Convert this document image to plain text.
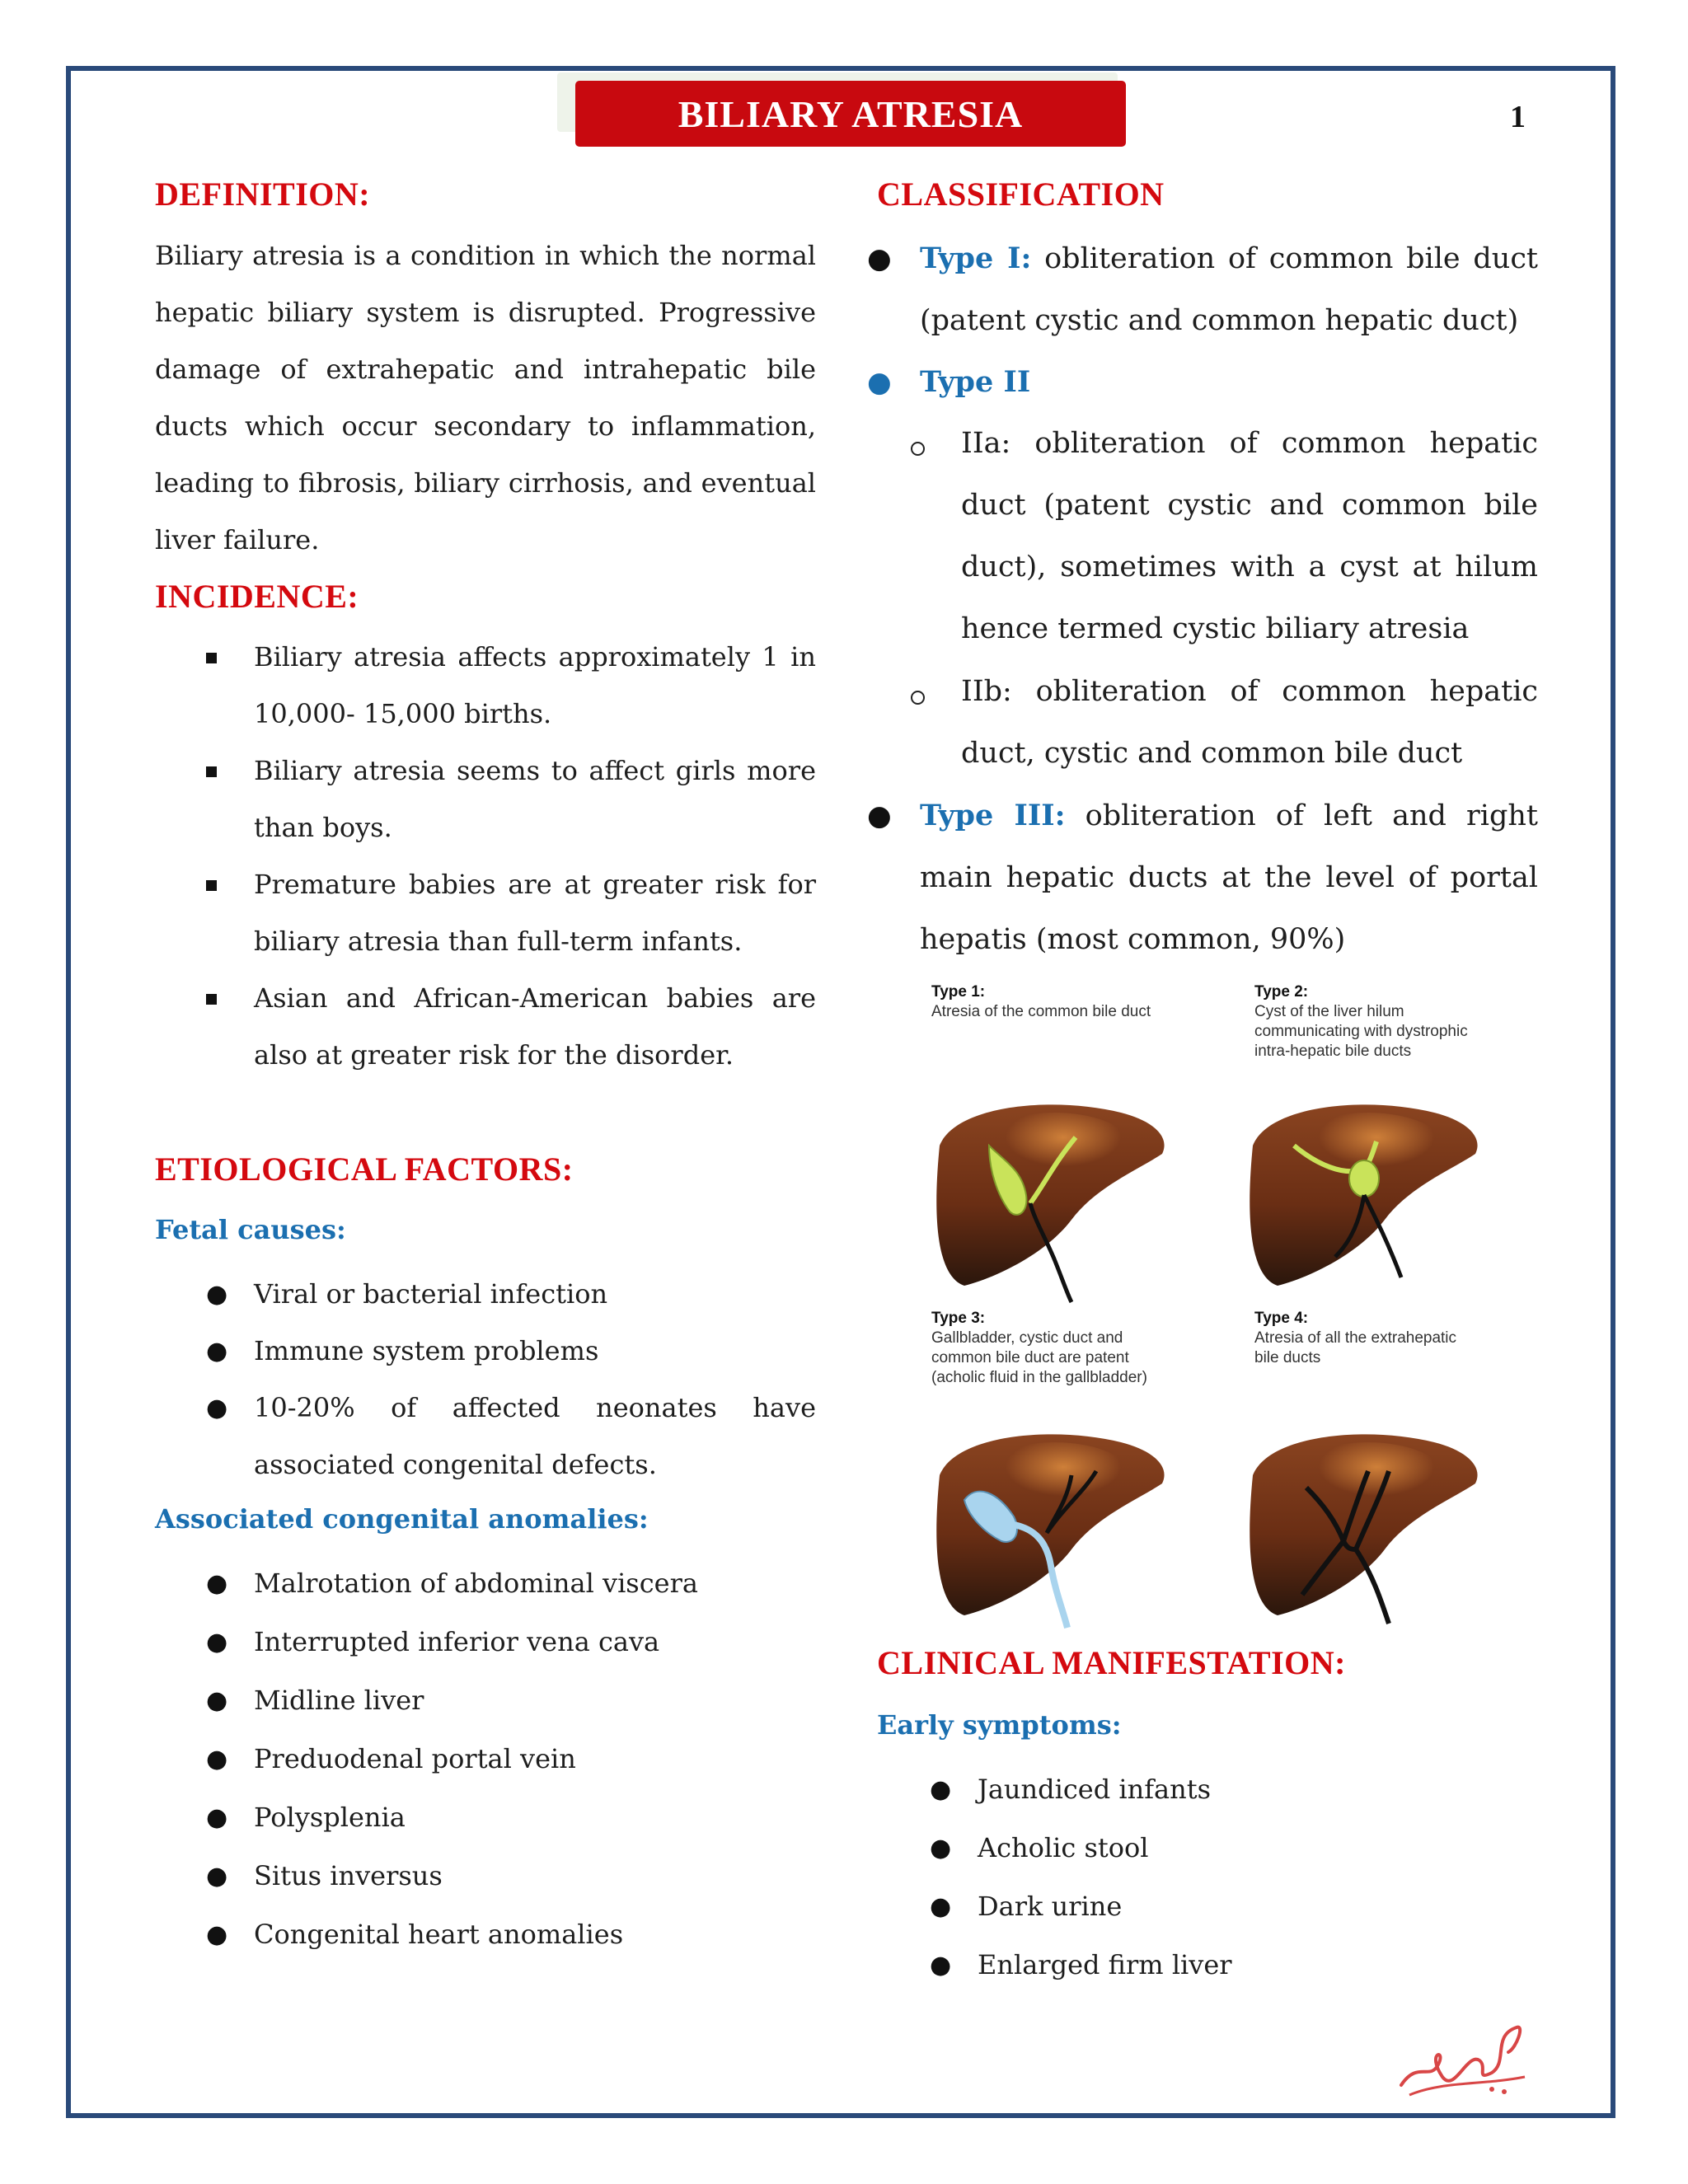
BILIARY ATRESIA	1
DEFINITION:
Biliary atresia is a condition in which the normal hepatic biliary system is disrupted. Progressive damage of extrahepatic and intrahepatic bile ducts which occur secondary to inflammation, leading to fibrosis, biliary cirrhosis, and eventual liver failure.
INCIDENCE:
Biliary atresia affects approximately 1 in 10,000- 15,000 births.
Biliary atresia seems to affect girls more than boys.
Premature babies are at greater risk for biliary atresia than full-term infants.
Asian and African-American babies are also at greater risk for the disorder.
ETIOLOGICAL FACTORS:
Fetal causes:
● Viral or bacterial infection
● Immune system problems
● 10-20% of affected neonates have associated congenital defects.
Associated congenital anomalies:
● Malrotation of abdominal viscera
● Interrupted inferior vena cava
● Midline liver
● Preduodenal portal vein
● Polysplenia
● Situs inversus
● Congenital heart anomalies
CLASSIFICATION
● Type I: obliteration of common bile duct (patent cystic and common hepatic duct)
● Type II
IIa: obliteration of common hepatic duct (patent cystic and common bile duct), sometimes with a cyst at hilum hence termed cystic biliary atresia
IIb: obliteration of common hepatic duct, cystic and common bile duct
● Type III: obliteration of left and right main hepatic ducts at the level of portal hepatis (most common, 90%)
Type 1:
Atresia of the common bile duct
Type 2:
Cyst of the liver hilum
communicating with dystrophic
intra-hepatic bile ducts
Type 3:
Gallbladder, cystic duct and
common bile duct are patent
(acholic fluid in the gallbladder)
Type 4:
Atresia of all the extrahepatic
bile ducts
CLINICAL MANIFESTATION:
Early symptoms:
● Jaundiced infants
● Acholic stool
● Dark urine
● Enlarged firm liver
